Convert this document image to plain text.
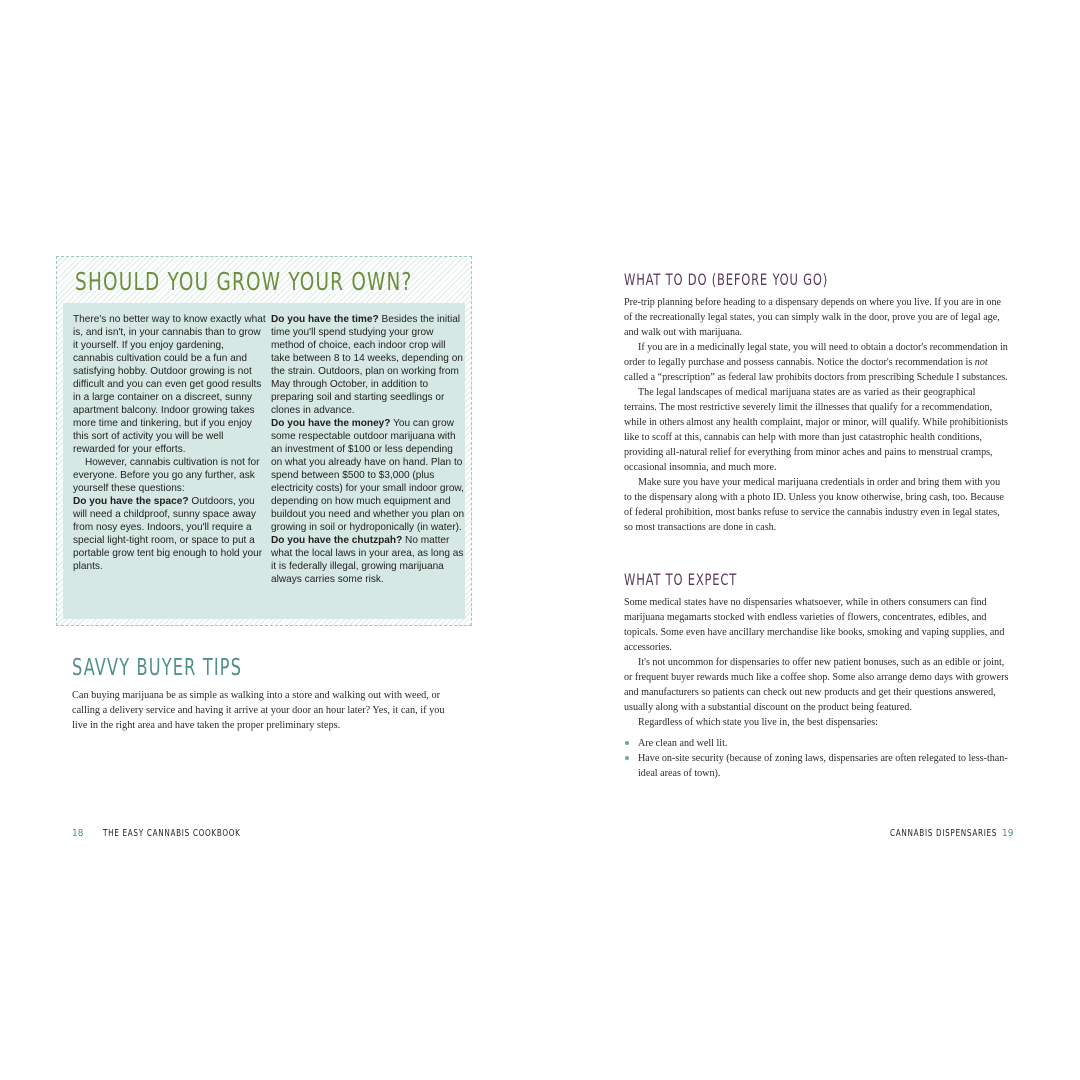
SHOULD YOU GROW YOUR OWN?

There's no better way to know exactly what is, and isn't, in your cannabis than to grow it yourself. If you enjoy gardening, cannabis cultivation could be a fun and satisfying hobby. Outdoor growing is not difficult and you can even get good results in a large container on a discreet, sunny apartment balcony. Indoor growing takes more time and tinkering, but if you enjoy this sort of activity you will be well rewarded for your efforts.

However, cannabis cultivation is not for everyone. Before you go any further, ask yourself these questions:

Do you have the space? Outdoors, you will need a childproof, sunny space away from nosy eyes. Indoors, you'll require a special light-tight room, or space to put a portable grow tent big enough to hold your plants.

Do you have the time? Besides the initial time you'll spend studying your grow method of choice, each indoor crop will take between 8 to 14 weeks, depending on the strain. Outdoors, plan on working from May through October, in addition to preparing soil and starting seedlings or clones in advance.

Do you have the money? You can grow some respectable outdoor marijuana with an investment of $100 or less depending on what you already have on hand. Plan to spend between $500 to $3,000 (plus electricity costs) for your small indoor grow, depending on how much equipment and buildout you need and whether you plan on growing in soil or hydroponically (in water).

Do you have the chutzpah? No matter what the local laws in your area, as long as it is federally illegal, growing marijuana always carries some risk.

SAVVY BUYER TIPS

Can buying marijuana be as simple as walking into a store and walking out with weed, or calling a delivery service and having it arrive at your door an hour later? Yes, it can, if you live in the right area and have taken the proper preliminary steps.

18 THE EASY CANNABIS COOKBOOK
WHAT TO DO (BEFORE YOU GO)

Pre-trip planning before heading to a dispensary depends on where you live. If you are in one of the recreationally legal states, you can simply walk in the door, prove you are of legal age, and walk out with marijuana.

If you are in a medicinally legal state, you will need to obtain a doctor's recommendation in order to legally purchase and possess cannabis. Notice the doctor's recommendation is not called a “prescription” as federal law prohibits doctors from prescribing Schedule I substances.

The legal landscapes of medical marijuana states are as varied as their geographical terrains. The most restrictive severely limit the illnesses that qualify for a recommendation, while in others almost any health complaint, major or minor, will qualify. While prohibitionists like to scoff at this, cannabis can help with more than just catastrophic health conditions, providing all-natural relief for everything from minor aches and pains to menstrual cramps, occasional insomnia, and much more.

Make sure you have your medical marijuana credentials in order and bring them with you to the dispensary along with a photo ID. Unless you know otherwise, bring cash, too. Because of federal prohibition, most banks refuse to service the cannabis industry even in legal states, so most transactions are done in cash.

WHAT TO EXPECT

Some medical states have no dispensaries whatsoever, while in others consumers can find marijuana megamarts stocked with endless varieties of flowers, concentrates, edibles, and topicals. Some even have ancillary merchandise like books, smoking and vaping supplies, and accessories.

It's not uncommon for dispensaries to offer new patient bonuses, such as an edible or joint, or frequent buyer rewards much like a coffee shop. Some also arrange demo days with growers and manufacturers so patients can check out new products and get their questions answered, usually along with a substantial discount on the product being featured.

Regardless of which state you live in, the best dispensaries:

Are clean and well lit.
Have on-site security (because of zoning laws, dispensaries are often relegated to less-than-ideal areas of town).
CANNABIS DISPENSARIES 19
